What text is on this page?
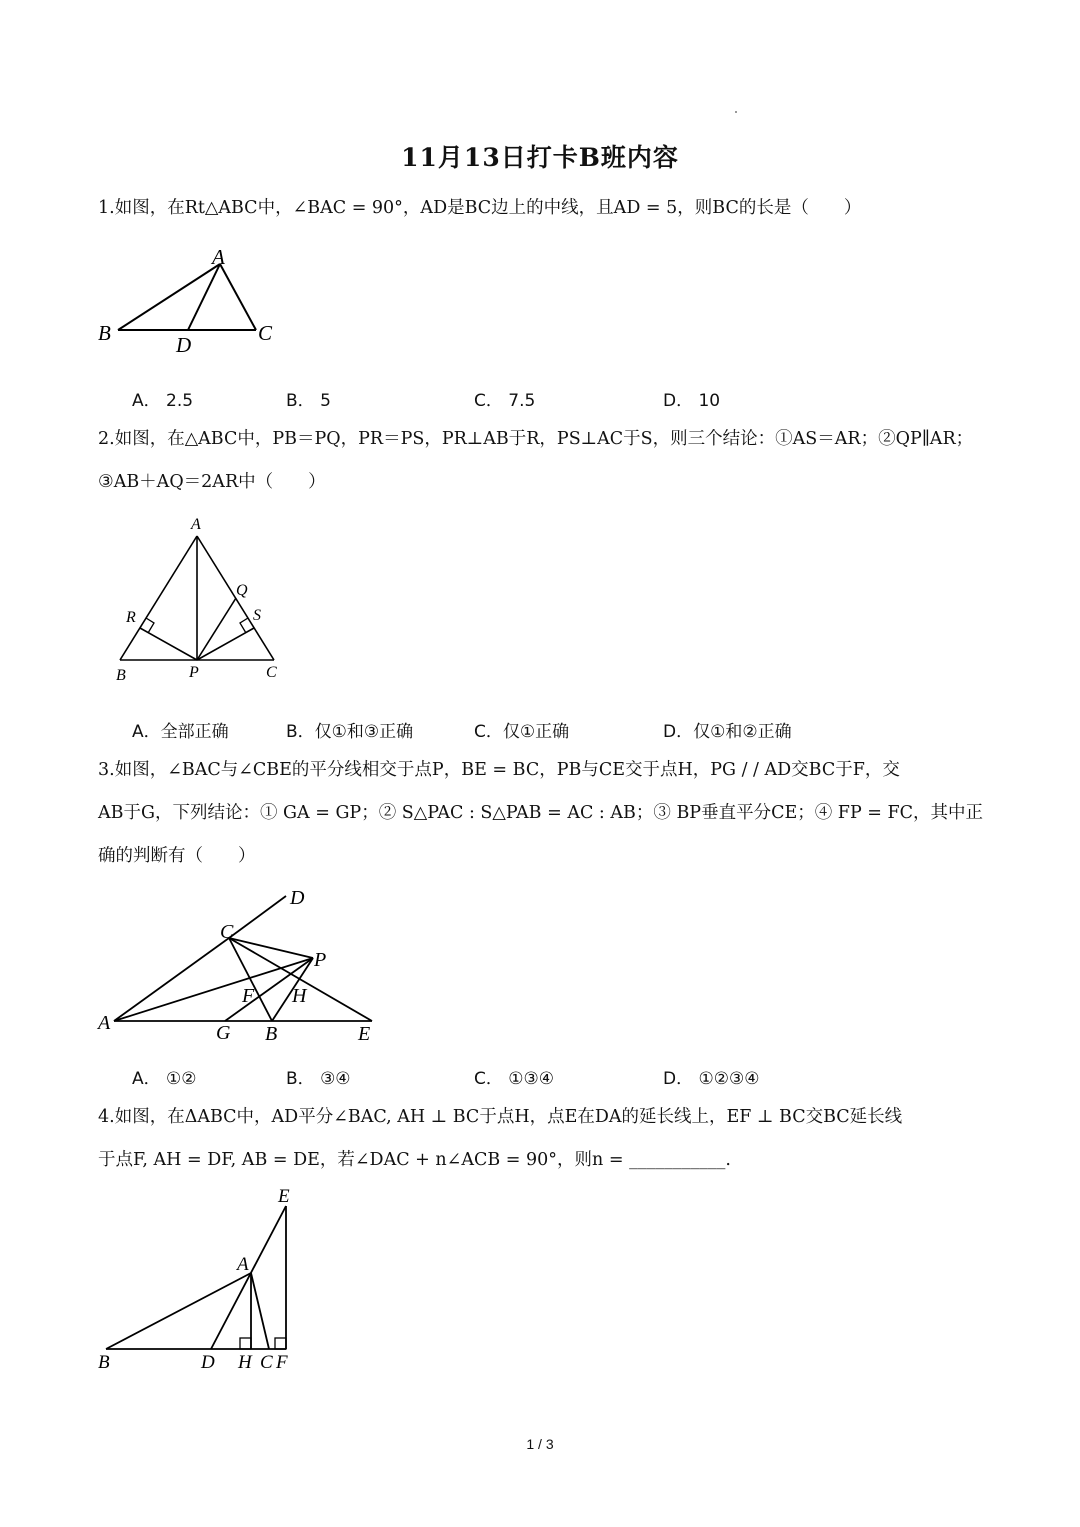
11月13日打卡B班内容
1.如图，在Rt△ABC中，∠BAC = 90°，AD是BC边上的中线，且AD = 5，则BC的长是（　　）
A
B	C
D
A． 2.5	B． 5	C． 7.5	D． 10
2.如图，在△ABC中，PB＝PQ，PR＝PS，PR⊥AB于R，PS⊥AC于S，则三个结论：①AS＝AR；②QP∥AR；
③AB＋AQ＝2AR中（　　）
A
Q
R	S
B	P	C
A．全部正确	B．仅①和③正确	C．仅①正确	D．仅①和②正确
3.如图，∠BAC与∠CBE的平分线相交于点P，BE = BC，PB与CE交于点H，PG / / AD交BC于F，交
AB于G，下列结论：① GA = GP；② S△PAC : S△PAB = AC : AB；③ BP垂直平分CE；④ FP = FC，其中正
确的判断有（　　）
D
C
P
F H
A	G B	E
A． ①②	B． ③④	C． ①③④	D． ①②③④
4.如图，在ΔABC中，AD平分∠BAC, AH ⊥ BC于点H，点E在DA的延长线上，EF ⊥ BC交BC延长线
于点F, AH = DF, AB = DE，若∠DAC + n∠ACB = 90°，则n = ___________.
E
A
B	D H C F
1 / 3
